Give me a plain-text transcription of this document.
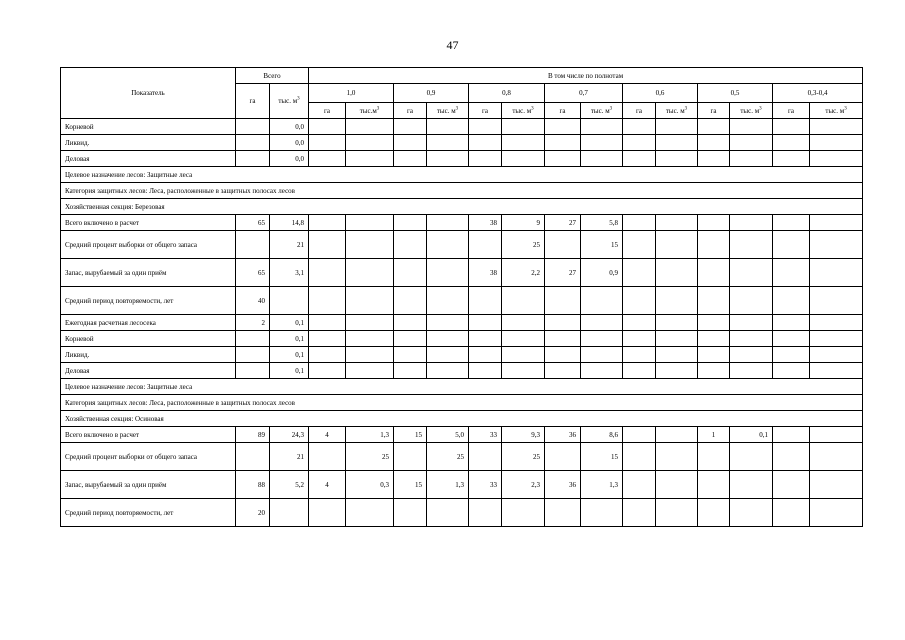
47
Показатель	Всего		В том числе по полнотам													
	га	тыс. $м^3$	1,0		0,9		0,8		0,7		0,6		0,5		0,3-0,4	
			га	$тыс.м^3$	га	тыс. $м^3$	га	тыс. $м^3$	га	тыс. $м^3$	га	тыс. $м^3$	га	тыс. $м^3$	га	тыс. $м^3$
Корневой		0,0														
Ликвид.		0,0														
Деловая		0,0														
Целевое назначение лесов: Защитные леса																
Категория защитных лесов: Леса, расположенные в защитных полосах лесов																
Хозяйственная секция: Березовая																
Всего включено в расчет	65	14,8					38	9	27	5,8						
Средний процент выборки от общего запаса		21						25		15						
Запас, вырубаемый за один приём	65	3,1					38	2,2	27	0,9						
Средний период повторяемости, лет	40															
Ежегодная расчетная лесосека	2	0,1														
Корневой		0,1														
Ликвид.		0,1														
Деловая		0,1														
Целевое назначение лесов: Защитные леса																
Категория защитных лесов: Леса, расположенные в защитных полосах лесов																
Хозяйственная секция: Осиновая																
Всего включено в расчет	89	24,3	4	1,3	15	5,0	33	9,3	36	8,6			1	0,1		
Средний процент выборки от общего запаса		21		25		25		25		15						
Запас, вырубаемый за один приём	88	5,2	4	0,3	15	1,3	33	2,3	36	1,3						
Средний период повторяемости, лет	20															
